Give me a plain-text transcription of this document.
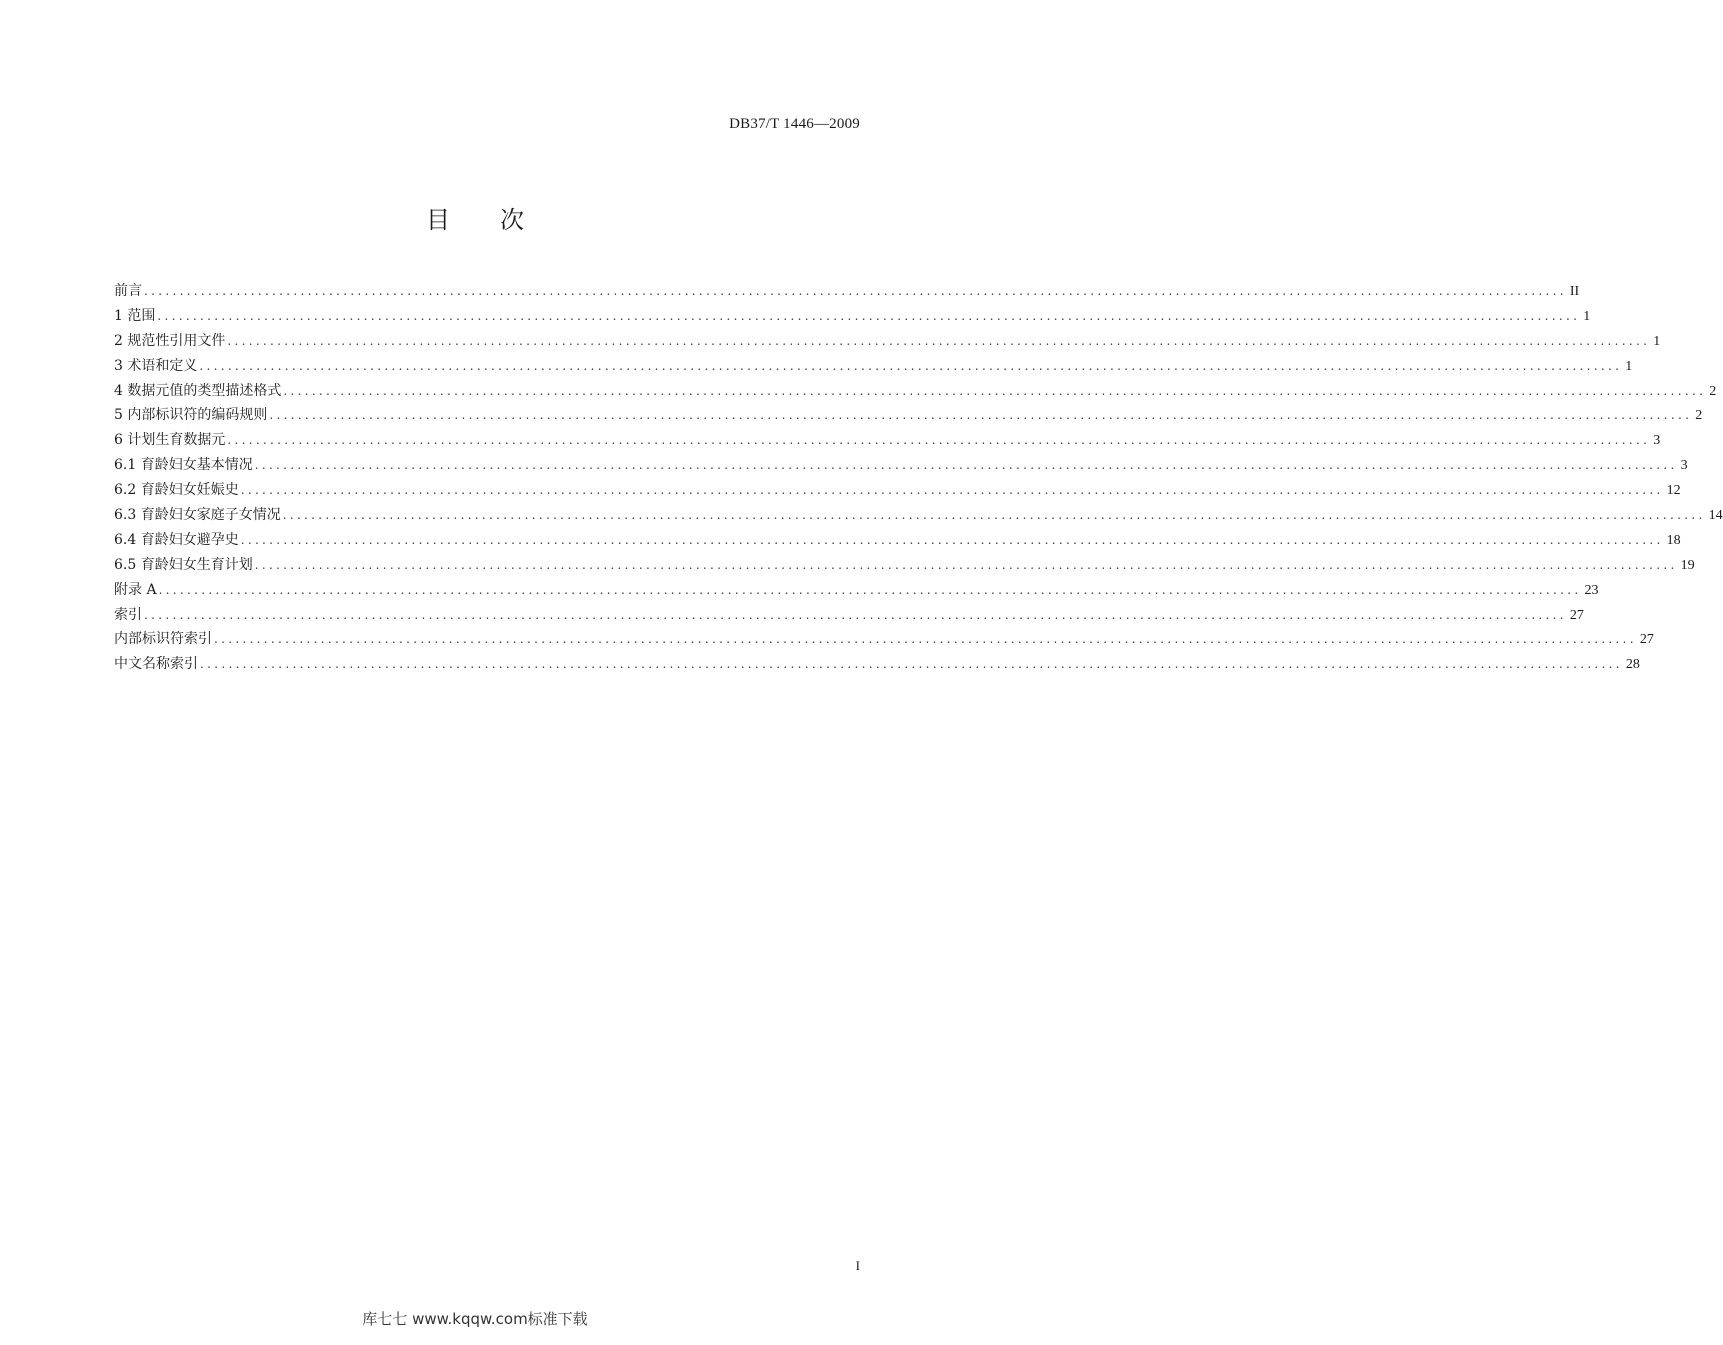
DB37/T 1446—2009
目 次
前言 ........................................................................................................................................................................................................ II
1 范围 ........................................................................................................................................................................................................ 1
2 规范性引用文件 ........................................................................................................................................................................................................ 1
3 术语和定义 ........................................................................................................................................................................................................ 1
4 数据元值的类型描述格式 ........................................................................................................................................................................................................ 2
5 内部标识符的编码规则 ........................................................................................................................................................................................................ 2
6 计划生育数据元 ........................................................................................................................................................................................................ 3
6.1 育龄妇女基本情况 ........................................................................................................................................................................................................ 3
6.2 育龄妇女妊娠史 ........................................................................................................................................................................................................ 12
6.3 育龄妇女家庭子女情况 ........................................................................................................................................................................................................ 14
6.4 育龄妇女避孕史 ........................................................................................................................................................................................................ 18
6.5 育龄妇女生育计划 ........................................................................................................................................................................................................ 19
附录 A ........................................................................................................................................................................................................ 23
索引 ........................................................................................................................................................................................................ 27
内部标识符索引 ........................................................................................................................................................................................................ 27
中文名称索引 ........................................................................................................................................................................................................ 28
I
库七七 www.kqqw.com标准下载
